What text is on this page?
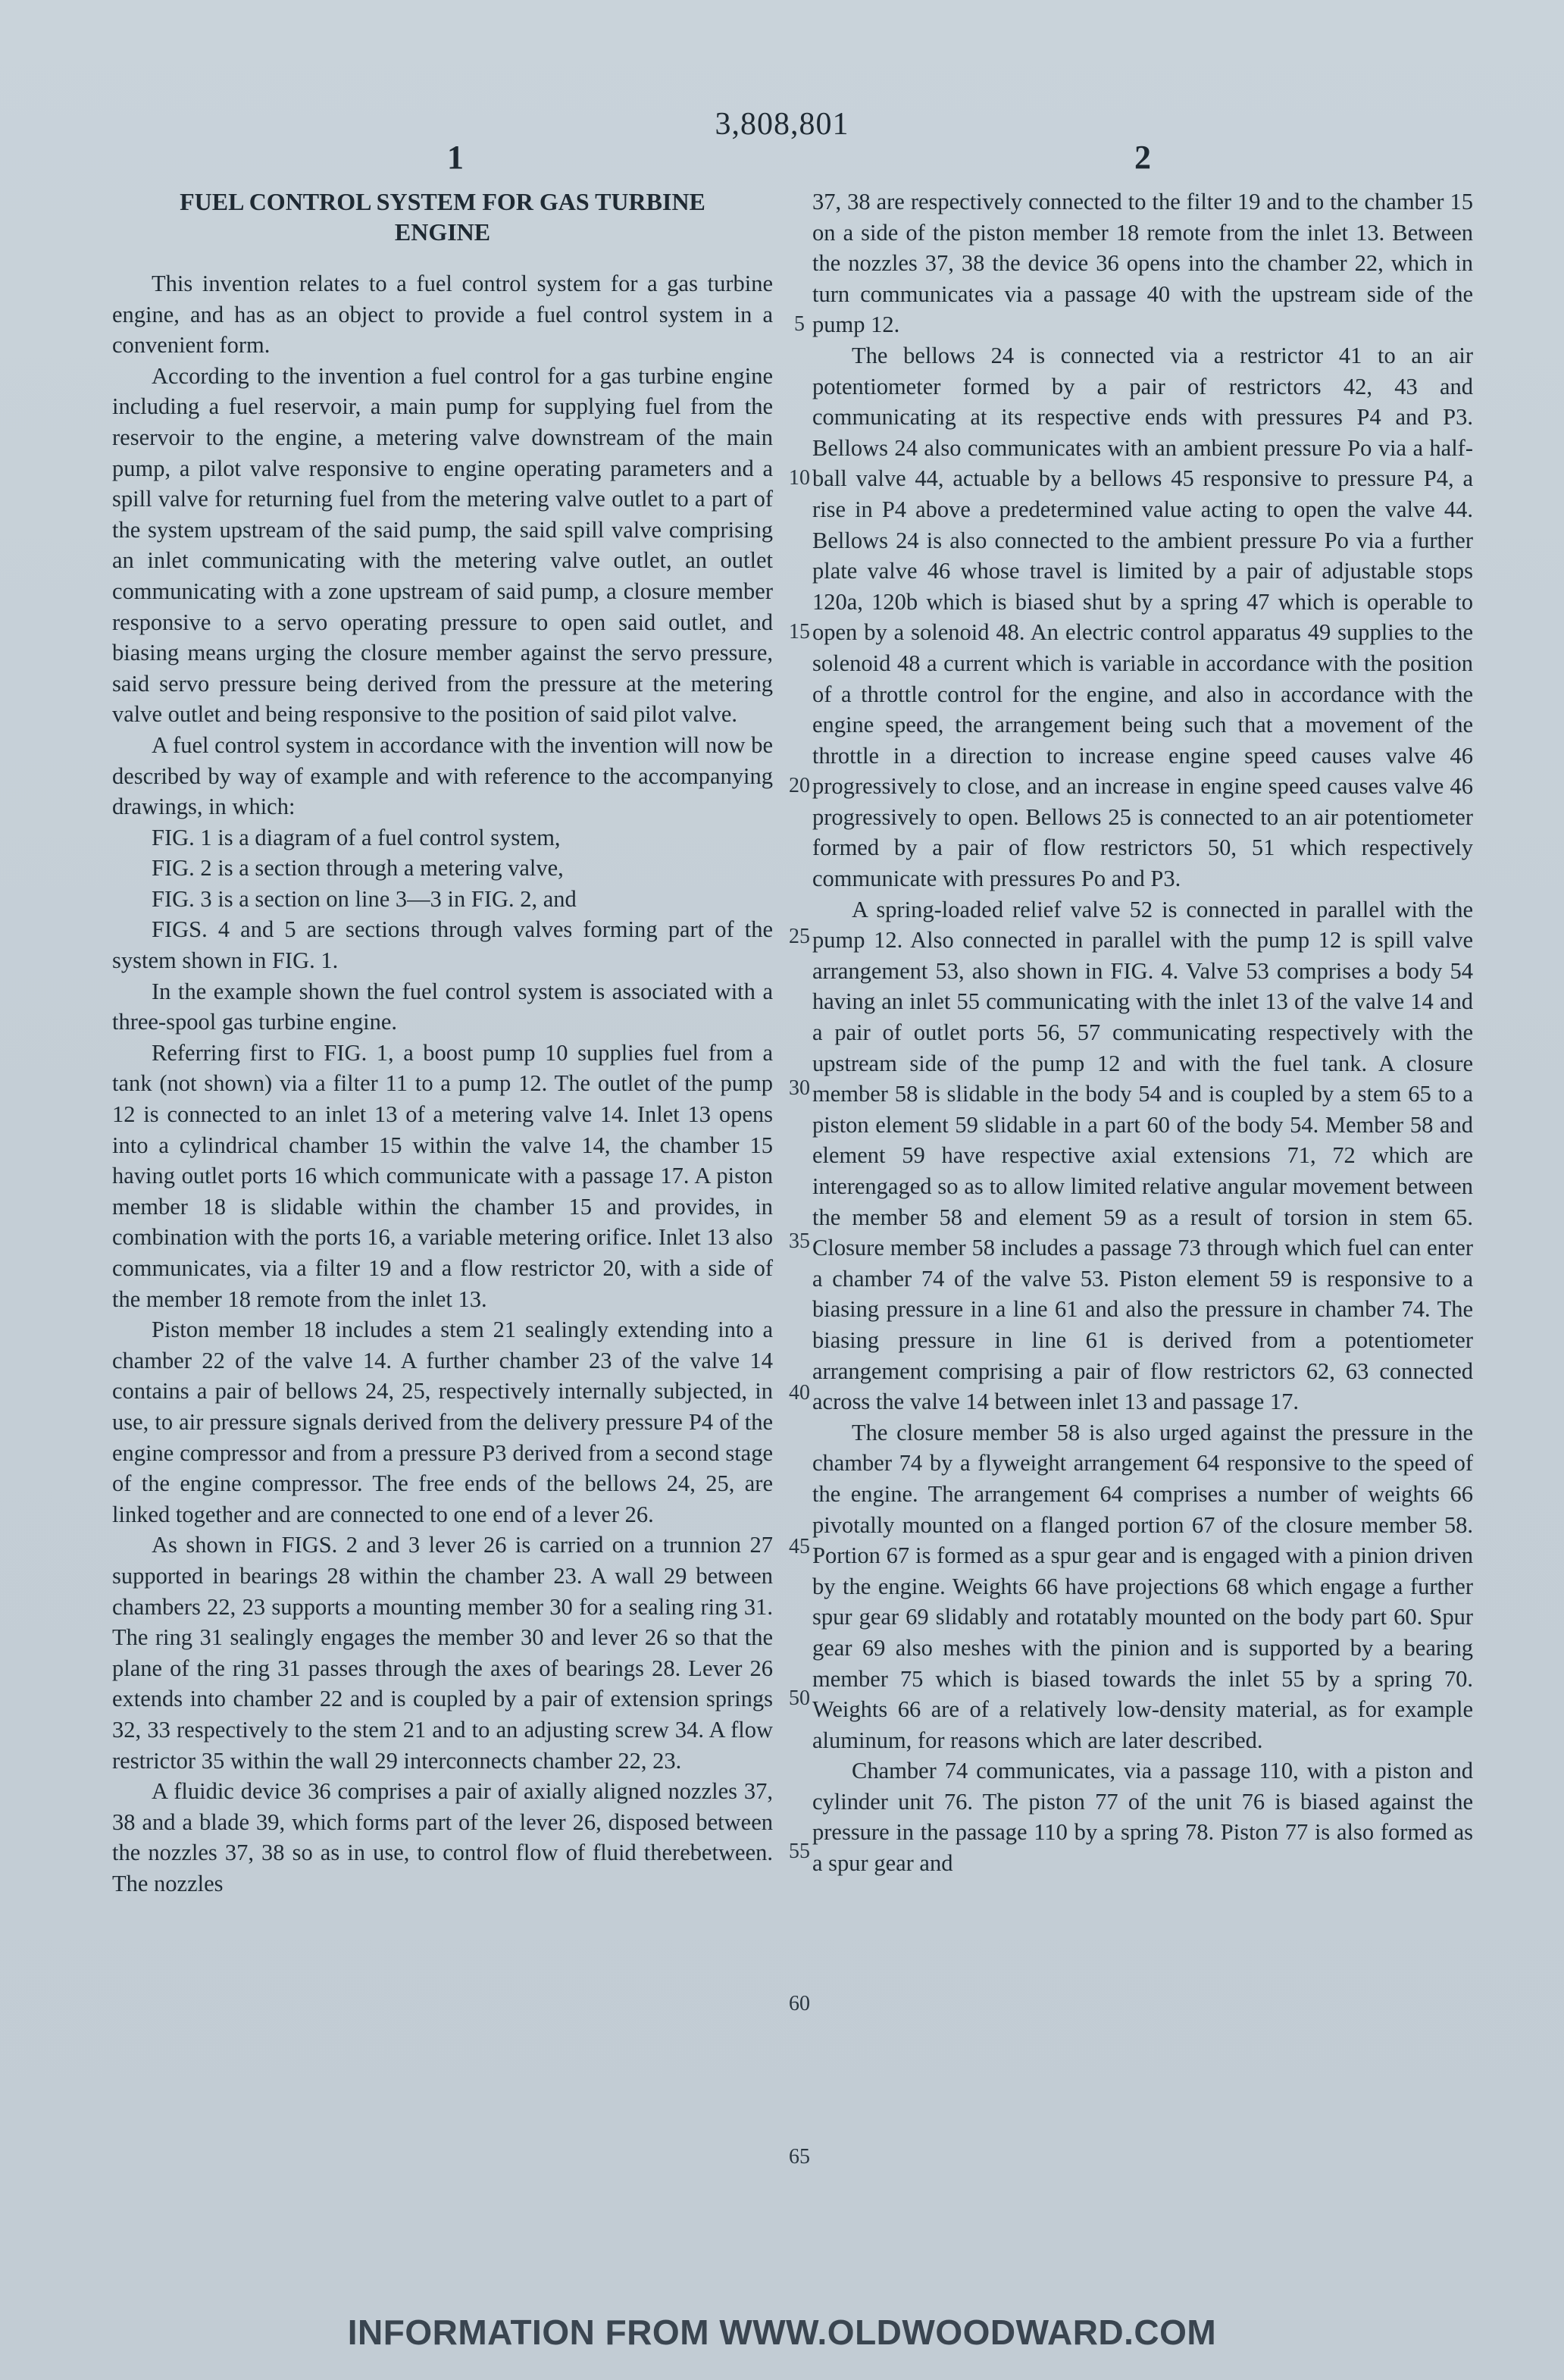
3,808,801
1	2

FUEL CONTROL SYSTEM FOR GAS TURBINE ENGINE

This invention relates to a fuel control system for a gas turbine engine, and has as an object to provide a fuel control system in a convenient form.

According to the invention a fuel control for a gas turbine engine including a fuel reservoir, a main pump for supplying fuel from the reservoir to the engine, a metering valve downstream of the main pump, a pilot valve responsive to engine operating parameters and a spill valve for returning fuel from the metering valve outlet to a part of the system upstream of the said pump, the said spill valve comprising an inlet communicating with the metering valve outlet, an outlet communicating with a zone upstream of said pump, a closure member responsive to a servo operating pressure to open said outlet, and biasing means urging the closure member against the servo pressure, said servo pressure being derived from the pressure at the metering valve outlet and being responsive to the position of said pilot valve.

A fuel control system in accordance with the invention will now be described by way of example and with reference to the accompanying drawings, in which:

FIG. 1 is a diagram of a fuel control system,

FIG. 2 is a section through a metering valve,

FIG. 3 is a section on line 3—3 in FIG. 2, and

FIGS. 4 and 5 are sections through valves forming part of the system shown in FIG. 1.

In the example shown the fuel control system is associated with a three-spool gas turbine engine.

Referring first to FIG. 1, a boost pump 10 supplies fuel from a tank (not shown) via a filter 11 to a pump 12. The outlet of the pump 12 is connected to an inlet 13 of a metering valve 14. Inlet 13 opens into a cylindrical chamber 15 within the valve 14, the chamber 15 having outlet ports 16 which communicate with a passage 17. A piston member 18 is slidable within the chamber 15 and provides, in combination with the ports 16, a variable metering orifice. Inlet 13 also communicates, via a filter 19 and a flow restrictor 20, with a side of the member 18 remote from the inlet 13.

Piston member 18 includes a stem 21 sealingly extending into a chamber 22 of the valve 14. A further chamber 23 of the valve 14 contains a pair of bellows 24, 25, respectively internally subjected, in use, to air pressure signals derived from the delivery pressure P4 of the engine compressor and from a pressure P3 derived from a second stage of the engine compressor. The free ends of the bellows 24, 25, are linked together and are connected to one end of a lever 26.

As shown in FIGS. 2 and 3 lever 26 is carried on a trunnion 27 supported in bearings 28 within the chamber 23. A wall 29 between chambers 22, 23 supports a mounting member 30 for a sealing ring 31. The ring 31 sealingly engages the member 30 and lever 26 so that the plane of the ring 31 passes through the axes of bearings 28. Lever 26 extends into chamber 22 and is coupled by a pair of extension springs 32, 33 respectively to the stem 21 and to an adjusting screw 34. A flow restrictor 35 within the wall 29 interconnects chamber 22, 23.

A fluidic device 36 comprises a pair of axially aligned nozzles 37, 38 and a blade 39, which forms part of the lever 26, disposed between the nozzles 37, 38 so as in use, to control flow of fluid therebetween. The nozzles

37, 38 are respectively connected to the filter 19 and to the chamber 15 on a side of the piston member 18 remote from the inlet 13. Between the nozzles 37, 38 the device 36 opens into the chamber 22, which in turn communicates via a passage 40 with the upstream side of the pump 12.

The bellows 24 is connected via a restrictor 41 to an air potentiometer formed by a pair of restrictors 42, 43 and communicating at its respective ends with pressures P4 and P3. Bellows 24 also communicates with an ambient pressure Po via a half-ball valve 44, actuable by a bellows 45 responsive to pressure P4, a rise in P4 above a predetermined value acting to open the valve 44. Bellows 24 is also connected to the ambient pressure Po via a further plate valve 46 whose travel is limited by a pair of adjustable stops 120a, 120b which is biased shut by a spring 47 which is operable to open by a solenoid 48. An electric control apparatus 49 supplies to the solenoid 48 a current which is variable in accordance with the position of a throttle control for the engine, and also in accordance with the engine speed, the arrangement being such that a movement of the throttle in a direction to increase engine speed causes valve 46 progressively to close, and an increase in engine speed causes valve 46 progressively to open. Bellows 25 is connected to an air potentiometer formed by a pair of flow restrictors 50, 51 which respectively communicate with pressures Po and P3.

A spring-loaded relief valve 52 is connected in parallel with the pump 12. Also connected in parallel with the pump 12 is spill valve arrangement 53, also shown in FIG. 4. Valve 53 comprises a body 54 having an inlet 55 communicating with the inlet 13 of the valve 14 and a pair of outlet ports 56, 57 communicating respectively with the upstream side of the pump 12 and with the fuel tank. A closure member 58 is slidable in the body 54 and is coupled by a stem 65 to a piston element 59 slidable in a part 60 of the body 54. Member 58 and element 59 have respective axial extensions 71, 72 which are interengaged so as to allow limited relative angular movement between the member 58 and element 59 as a result of torsion in stem 65. Closure member 58 includes a passage 73 through which fuel can enter a chamber 74 of the valve 53. Piston element 59 is responsive to a biasing pressure in a line 61 and also the pressure in chamber 74. The biasing pressure in line 61 is derived from a potentiometer arrangement comprising a pair of flow restrictors 62, 63 connected across the valve 14 between inlet 13 and passage 17.

The closure member 58 is also urged against the pressure in the chamber 74 by a flyweight arrangement 64 responsive to the speed of the engine. The arrangement 64 comprises a number of weights 66 pivotally mounted on a flanged portion 67 of the closure member 58. Portion 67 is formed as a spur gear and is engaged with a pinion driven by the engine. Weights 66 have projections 68 which engage a further spur gear 69 slidably and rotatably mounted on the body part 60. Spur gear 69 also meshes with the pinion and is supported by a bearing member 75 which is biased towards the inlet 55 by a spring 70. Weights 66 are of a relatively low-density material, as for example aluminum, for reasons which are later described.

Chamber 74 communicates, via a passage 110, with a piston and cylinder unit 76. The piston 77 of the unit 76 is biased against the pressure in the passage 110 by a spring 78. Piston 77 is also formed as a spur gear and

5
10
15
20
25
30
35
40
45
50
55
60
65
INFORMATION FROM WWW.OLDWOODWARD.COM
